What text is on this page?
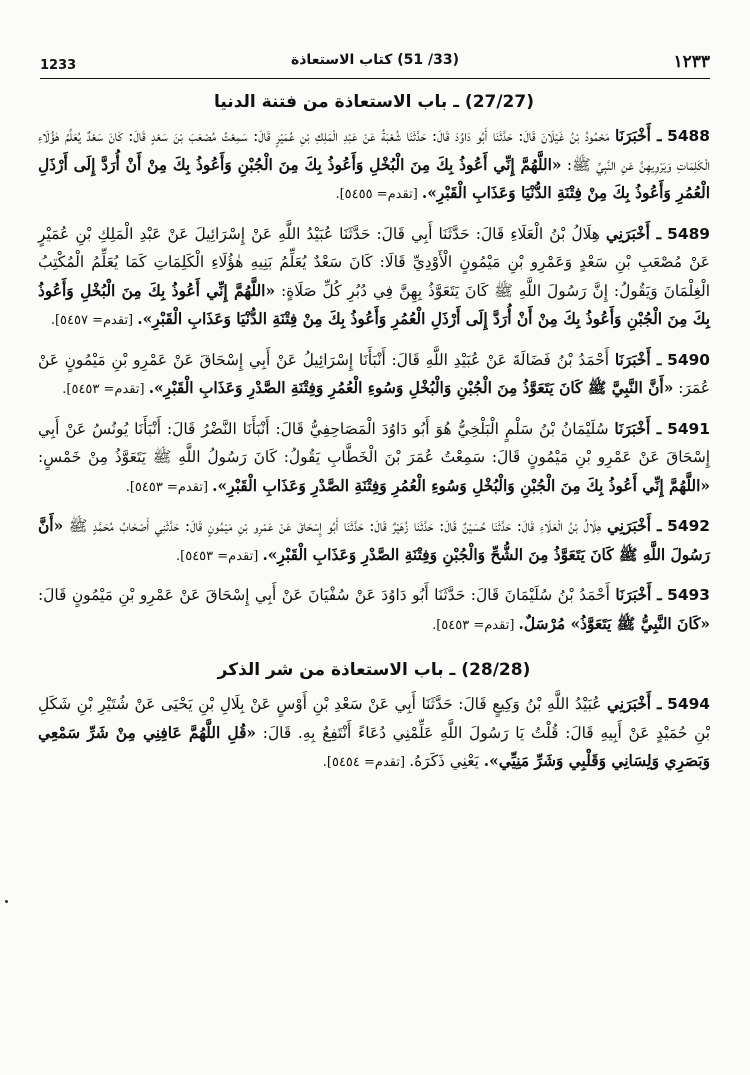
1233	(33/ 51) كتاب الاستعاذة	١٢٣٣
(27/27) ـ باب الاستعاذة من فتنة الدنيا

5488 ـ أَخْبَرَنَا مَحْمُودُ بْنُ غَيْلَانَ قَالَ: حَدَّثَنَا أَبُو دَاوُدَ قَالَ: حَدَّثَنَا شُعْبَةُ عَنْ عَبْدِ الْمَلِكِ بْنِ عُمَيْرٍ قَالَ: سَمِعْتُ مُصْعَبَ بْنَ سَعْدٍ قَالَ: كَانَ سَعْدٌ يُعَلِّمُ هٰؤُلَاءِ الْكَلِمَاتِ وَيَرْوِيهِنَّ عَنِ النَّبِيِّ ﷺ: «اللَّهُمَّ إِنِّي أَعُوذُ بِكَ مِنَ الْبُخْلِ وَأَعُوذُ بِكَ مِنَ الْجُبْنِ وَأَعُوذُ بِكَ مِنْ أَنْ أُرَدَّ إِلَى أَرْذَلِ الْعُمُرِ وَأَعُوذُ بِكَ مِنْ فِتْنَةِ الدُّنْيَا وَعَذَابِ الْقَبْرِ». [تقدم= ٥٤٥٥].

5489 ـ أَخْبَرَنِي هِلَالُ بْنُ الْعَلَاءِ قَالَ: حَدَّثَنَا أَبِي قَالَ: حَدَّثَنَا عُبَيْدُ اللَّهِ عَنْ إِسْرَائِيلَ عَنْ عَبْدِ الْمَلِكِ بْنِ عُمَيْرٍ عَنْ مُصْعَبِ بْنِ سَعْدٍ وَعَمْرِو بْنِ مَيْمُونٍ الْأَوْدِيِّ قَالَا: كَانَ سَعْدٌ يُعَلِّمُ بَنِيهِ هٰؤُلَاءِ الْكَلِمَاتِ كَمَا يُعَلِّمُ الْمُكْتِبُ الْغِلْمَانَ وَيَقُولُ: إِنَّ رَسُولَ اللَّهِ ﷺ كَانَ يَتَعَوَّذُ بِهِنَّ فِي دُبُرِ كُلِّ صَلَاةٍ: «اللَّهُمَّ إِنِّي أَعُوذُ بِكَ مِنَ الْبُخْلِ وَأَعُوذُ بِكَ مِنَ الْجُبْنِ وَأَعُوذُ بِكَ مِنْ أَنْ أُرَدَّ إِلَى أَرْذَلِ الْعُمُرِ وَأَعُوذُ بِكَ مِنْ فِتْنَةِ الدُّنْيَا وَعَذَابِ الْقَبْرِ». [تقدم= ٥٤٥٧].

5490 ـ أَخْبَرَنَا أَحْمَدُ بْنُ فَضَالَةَ عَنْ عُبَيْدِ اللَّهِ قَالَ: أَنْبَأَنَا إِسْرَائِيلُ عَنْ أَبِي إِسْحَاقَ عَنْ عَمْرِو بْنِ مَيْمُونٍ عَنْ عُمَرَ: «أَنَّ النَّبِيَّ ﷺ كَانَ يَتَعَوَّذُ مِنَ الْجُبْنِ وَالْبُخْلِ وَسُوءِ الْعُمُرِ وَفِتْنَةِ الصَّدْرِ وَعَذَابِ الْقَبْرِ». [تقدم= ٥٤٥٣].

5491 ـ أَخْبَرَنَا سُلَيْمَانُ بْنُ سَلْمٍ الْبَلْخِيُّ هُوَ أَبُو دَاوُدَ الْمَصَاحِفِيُّ قَالَ: أَنْبَأَنَا النَّضْرُ قَالَ: أَنْبَأَنَا يُونُسُ عَنْ أَبِي إِسْحَاقَ عَنْ عَمْرِو بْنِ مَيْمُونٍ قَالَ: سَمِعْتُ عُمَرَ بْنَ الْخَطَّابِ يَقُولُ: كَانَ رَسُولُ اللَّهِ ﷺ يَتَعَوَّذُ مِنْ خَمْسٍ: «اللَّهُمَّ إِنِّي أَعُوذُ بِكَ مِنَ الْجُبْنِ وَالْبُخْلِ وَسُوءِ الْعُمُرِ وَفِتْنَةِ الصَّدْرِ وَعَذَابِ الْقَبْرِ». [تقدم= ٥٤٥٣].

5492 ـ أَخْبَرَنِي هِلَالُ بْنُ الْعَلَاءِ قَالَ: حَدَّثَنَا حُسَيْنٌ قَالَ: حَدَّثَنَا زُهَيْرٌ قَالَ: حَدَّثَنَا أَبُو إِسْحَاقَ عَنْ عَمْرِو بْنِ مَيْمُونٍ قَالَ: حَدَّثَنِي أَصْحَابُ مُحَمَّدٍ ﷺ «أَنَّ رَسُولَ اللَّهِ ﷺ كَانَ يَتَعَوَّذُ مِنَ الشُّحِّ وَالْجُبْنِ وَفِتْنَةِ الصَّدْرِ وَعَذَابِ الْقَبْرِ». [تقدم= ٥٤٥٣].

5493 ـ أَخْبَرَنَا أَحْمَدُ بْنُ سُلَيْمَانَ قَالَ: حَدَّثَنَا أَبُو دَاوُدَ عَنْ سُفْيَانَ عَنْ أَبِي إِسْحَاقَ عَنْ عَمْرِو بْنِ مَيْمُونٍ قَالَ: «كَانَ النَّبِيُّ ﷺ يَتَعَوَّذُ» مُرْسَلٌ. [تقدم= ٥٤٥٣].

(28/28) ـ باب الاستعاذة من شر الذكر

5494 ـ أَخْبَرَنِي عُبَيْدُ اللَّهِ بْنُ وَكِيعٍ قَالَ: حَدَّثَنَا أَبِي عَنْ سَعْدِ بْنِ أَوْسٍ عَنْ بِلَالِ بْنِ يَحْيَى عَنْ شُتَيْرِ بْنِ شَكَلِ بْنِ حُمَيْدٍ عَنْ أَبِيهِ قَالَ: قُلْتُ يَا رَسُولَ اللَّهِ عَلِّمْنِي دُعَاءً أَنْتَفِعُ بِهِ. قَالَ: «قُلِ اللَّهُمَّ عَافِنِي مِنْ شَرِّ سَمْعِي وَبَصَرِي وَلِسَانِي وَقَلْبِي وَشَرِّ مَنِيِّي». يَعْنِي ذَكَرَهُ. [تقدم= ٥٤٥٤].
